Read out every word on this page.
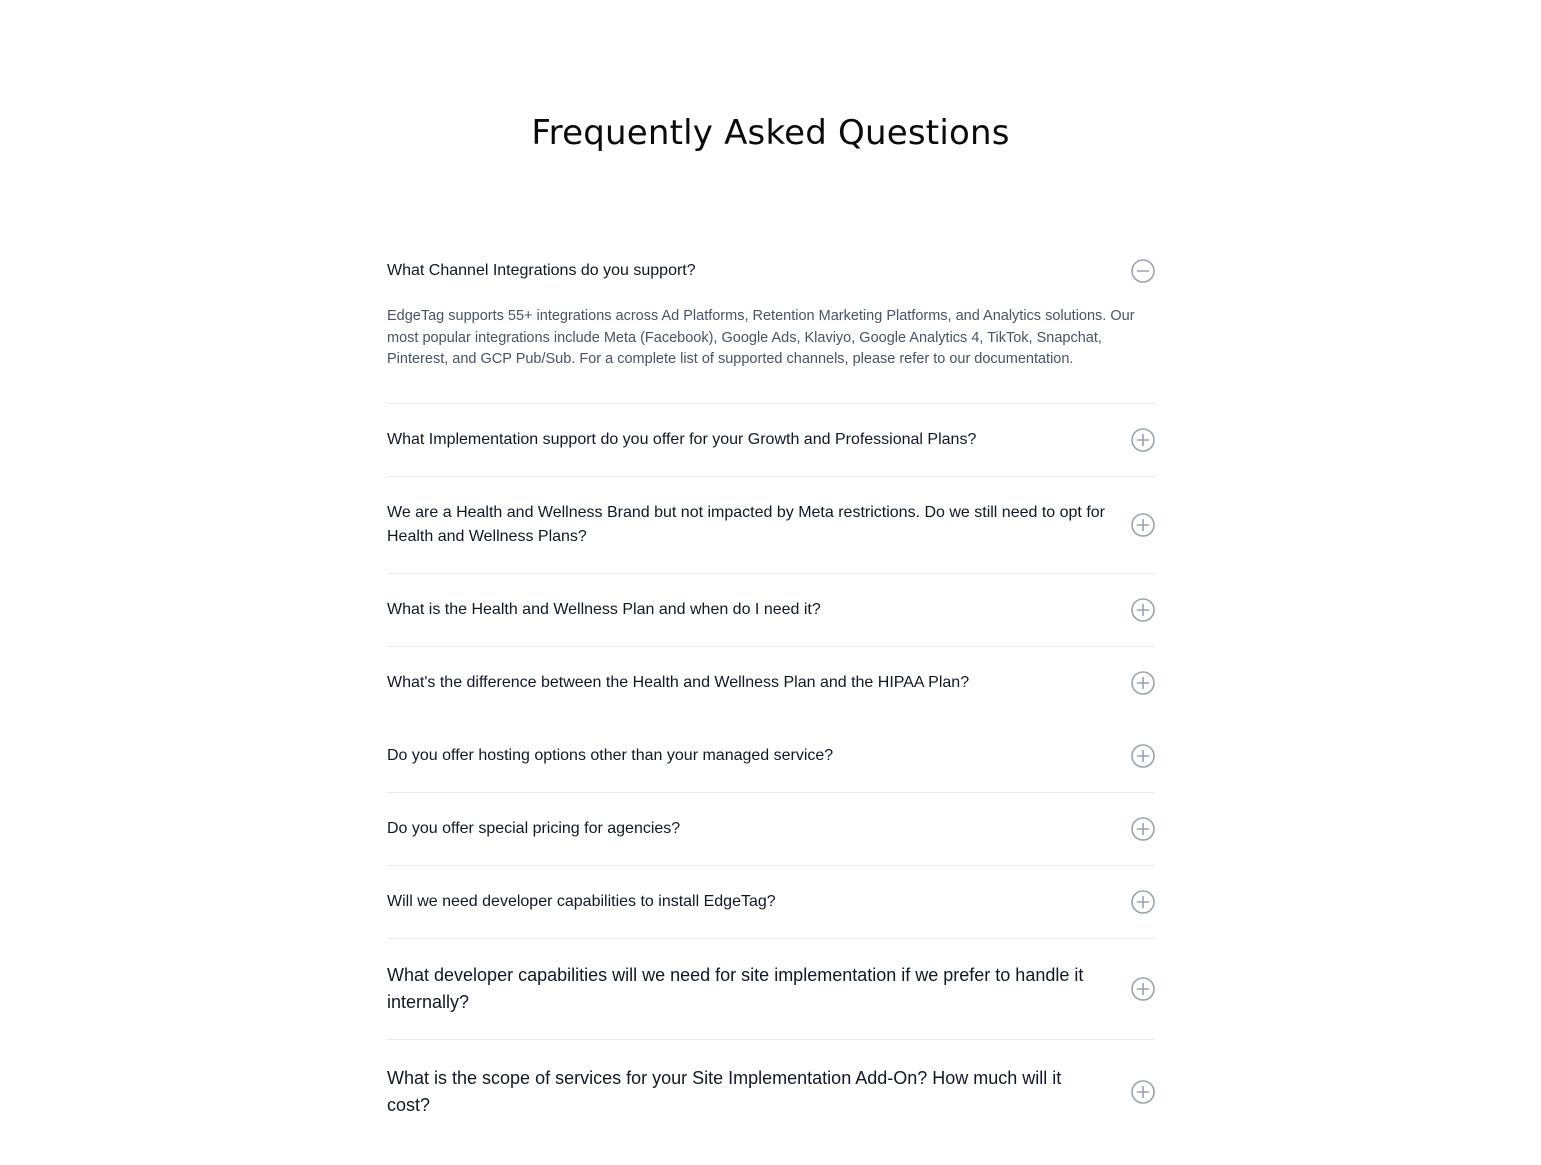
Frequently Asked Questions
What Channel Integrations do you support?
EdgeTag supports 55+ integrations across Ad Platforms, Retention Marketing Platforms, and Analytics solutions. Our most popular integrations include Meta (Facebook), Google Ads, Klaviyo, Google Analytics 4, TikTok, Snapchat, Pinterest, and GCP Pub/Sub. For a complete list of supported channels, please refer to our documentation.
What Implementation support do you offer for your Growth and Professional Plans?
We are a Health and Wellness Brand but not impacted by Meta restrictions. Do we still need to opt for Health and Wellness Plans?
What is the Health and Wellness Plan and when do I need it?
What's the difference between the Health and Wellness Plan and the HIPAA Plan?
Do you offer hosting options other than your managed service?
Do you offer special pricing for agencies?
Will we need developer capabilities to install EdgeTag?
What developer capabilities will we need for site implementation if we prefer to handle it internally?
What is the scope of services for your Site Implementation Add-On? How much will it cost?
